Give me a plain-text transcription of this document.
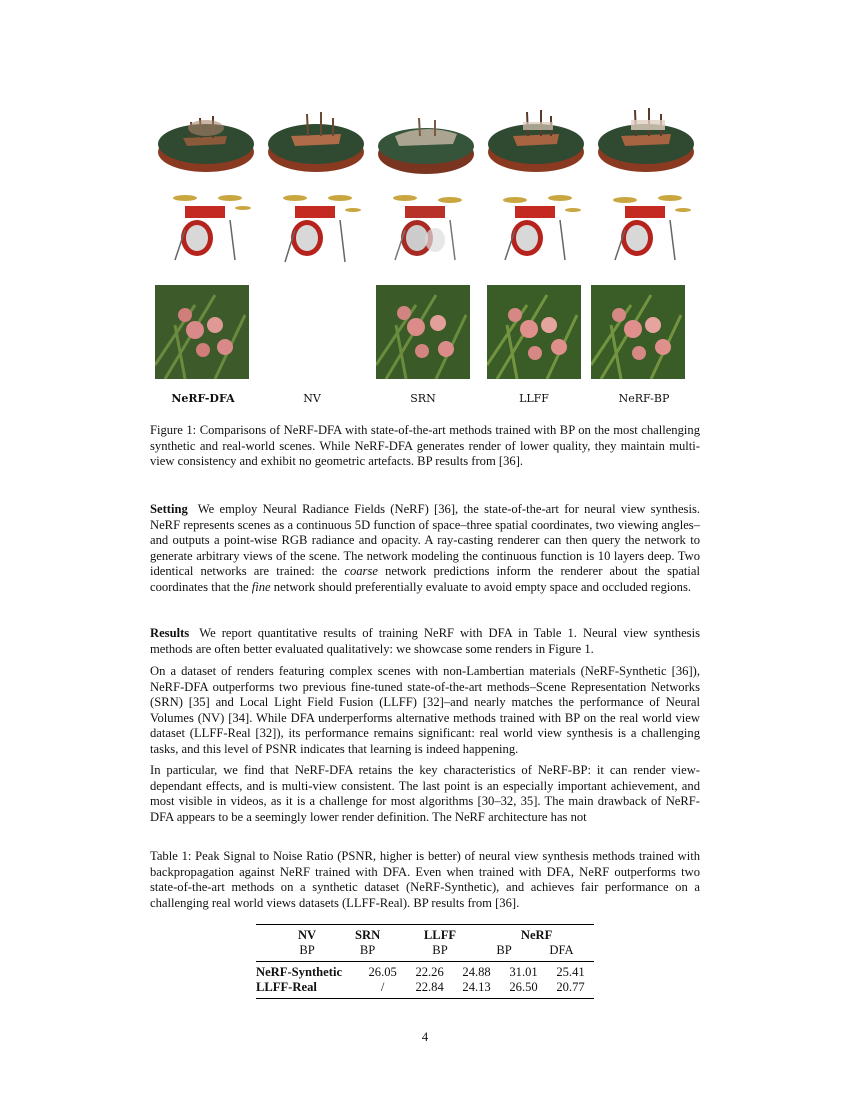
NeRF-DFA	NV	SRN	LLFF	NeRF-BP

Figure 1: Comparisons of NeRF-DFA with state-of-the-art methods trained with BP on the most challenging synthetic and real-world scenes. While NeRF-DFA generates render of lower quality, they maintain multi-view consistency and exhibit no geometric artefacts. BP results from [36].

Setting We employ Neural Radiance Fields (NeRF) [36], the state-of-the-art for neural view synthesis. NeRF represents scenes as a continuous 5D function of space–three spatial coordinates, two viewing angles–and outputs a point-wise RGB radiance and opacity. A ray-casting renderer can then query the network to generate arbitrary views of the scene. The network modeling the continuous function is 10 layers deep. Two identical networks are trained: the coarse network predictions inform the renderer about the spatial coordinates that the fine network should preferentially evaluate to avoid empty space and occluded regions.

Results We report quantitative results of training NeRF with DFA in Table 1. Neural view synthesis methods are often better evaluated qualitatively: we showcase some renders in Figure 1.

On a dataset of renders featuring complex scenes with non-Lambertian materials (NeRF-Synthetic [36]), NeRF-DFA outperforms two previous fine-tuned state-of-the-art methods–Scene Representation Networks (SRN) [35] and Local Light Field Fusion (LLFF) [32]–and nearly matches the performance of Neural Volumes (NV) [34]. While DFA underperforms alternative methods trained with BP on the real world view dataset (LLFF-Real [32]), its performance remains significant: real world view synthesis is a challenging tasks, and this level of PSNR indicates that learning is indeed happening.

In particular, we find that NeRF-DFA retains the key characteristics of NeRF-BP: it can render view-dependant effects, and is multi-view consistent. The last point is an especially important achievement, and most visible in videos, as it is a challenge for most algorithms [30–32, 35]. The main drawback of NeRF-DFA appears to be a seemingly lower render definition. The NeRF architecture has not

Table 1: Peak Signal to Noise Ratio (PSNR, higher is better) of neural view synthesis methods trained with backpropagation against NeRF trained with DFA. Even when trained with DFA, NeRF outperforms two state-of-the-art methods on a synthetic dataset (NeRF-Synthetic), and achieves fair performance on a challenging real world views datasets (LLFF-Real). BP results from [36].

	NV	SRN	LLFF	NeRF	
	BP	BP	BP	BP	DFA
NeRF-Synthetic	26.05	22.26	24.88	31.01	25.41
LLFF-Real	/	22.84	24.13	26.50	20.77
4
